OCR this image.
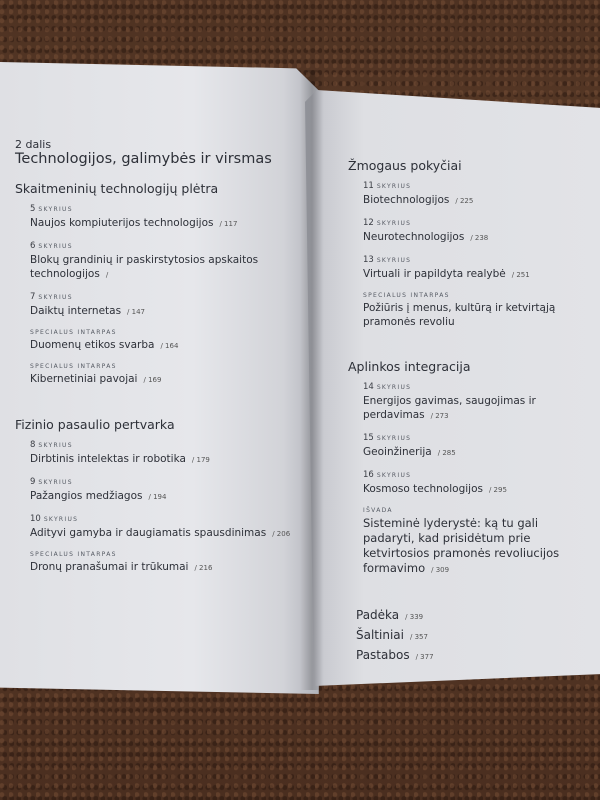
2 dalis
Technologijos, galimybės ir virsmas
Skaitmeninių technologijų plėtra
5 SKYRIUS
Naujos kompiuterijos technologijos / 117
6 SKYRIUS
Blokų grandinių ir paskirstytosios apskaitos technologijos /
7 SKYRIUS
Daiktų internetas / 147
SPECIALUS INTARPAS
Duomenų etikos svarba / 164
SPECIALUS INTARPAS
Kibernetiniai pavojai / 169
Fizinio pasaulio pertvarka
8 SKYRIUS
Dirbtinis intelektas ir robotika / 179
9 SKYRIUS
Pažangios medžiagos / 194
10 SKYRIUS
Adityvi gamyba ir daugiamatis spausdinimas / 206
SPECIALUS INTARPAS
Dronų pranašumai ir trūkumai / 216
Žmogaus pokyčiai
11 SKYRIUS
Biotechnologijos / 225
12 SKYRIUS
Neurotechnologijos / 238
13 SKYRIUS
Virtuali ir papildyta realybė / 251
SPECIALUS INTARPAS
Požiūris į menus, kultūrą ir ketvirtąją pramonės revoliu
Aplinkos integracija
14 SKYRIUS
Energijos gavimas, saugojimas ir perdavimas / 273
15 SKYRIUS
Geoinžinerija / 285
16 SKYRIUS
Kosmoso technologijos / 295
IŠVADA
Sisteminė lyderystė: ką tu gali padaryti, kad prisidėtum prie ketvirtosios pramonės revoliucijos formavimo / 309
Padėka / 339
Šaltiniai / 357
Pastabos / 377
